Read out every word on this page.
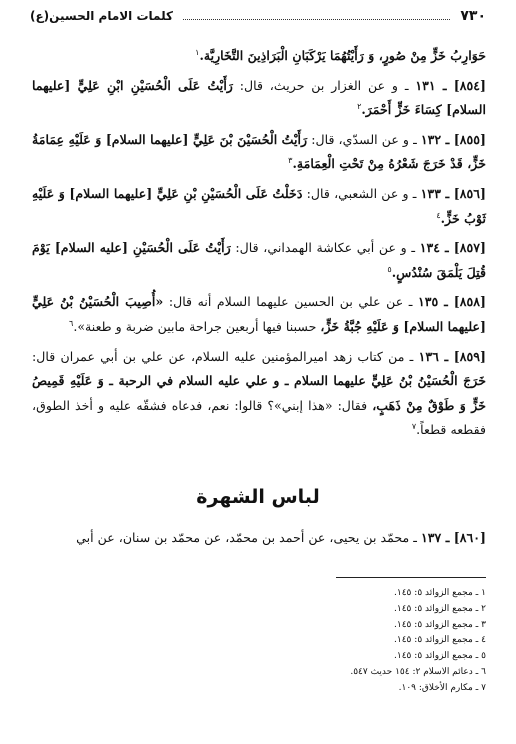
٧٣٠
كلمات الامام الحسين(ع)

حَوَارِبُ خَزٍّ مِنْ صُورٍ، وَ رَأَيْتُهُمَا يَرْكَبَانِ الْبَرَاذِينَ التَّخَارِيَّة.$^١$

[٨٥٤] ـ ١٣١ ـ و عن الغزار بن حريث، قال: رَأَيْتُ عَلَى الْحُسَيْنِ ابْنِ عَلِيٍّ [عليهما السلام] كِسَاءَ خَزٍّ أَحْمَرَ.$^٢$

[٨٥٥] ـ ١٣٢ ـ و عن السدّي، قال: رَأَيْتُ الْحُسَيْنَ بْنَ عَلِيٍّ [عليهما السلام] وَ عَلَيْهِ عِمَامَةُ خَزٍّ، قَدْ خَرَجَ شَعْرُهُ مِنْ تَحْتِ الْعِمَامَةِ.$^٣$

[٨٥٦] ـ ١٣٣ ـ و عن الشعبي، قال: دَخَلْتُ عَلَى الْحُسَيْنِ بْنِ عَلِيٍّ [عليهما السلام] وَ عَلَيْهِ ثَوْبُ خَزٍّ.$^٤$

[٨٥٧] ـ ١٣٤ ـ و عن أبي عكاشة الهمداني، قال: رَأَيْتُ عَلَى الْحُسَيْنِ [عليه السلام] يَوْمَ قُتِلَ يَلْمَقَ سُنْدُسٍ.$^٥$

[٨٥٨] ـ ١٣٥ ـ عن علي بن الحسين عليهما السلام أنه قال: «أُصِيبَ الْحُسَيْنُ بْنُ عَلِيٍّ [عليهما السلام] وَ عَلَيْهِ جُبَّةُ خَزٍّ، حسبنا فيها أربعين جراحة مابين ضربة و طعنة».$^٦$

[٨٥٩] ـ ١٣٦ ـ من كتاب زهد اميرالمؤمنين عليه السلام، عن علي بن أبي عمران قال: خَرَجَ الْحُسَيْنُ بْنُ عَلِيٍّ عليهما السلام ـ و علي عليه السلام في الرحبة ـ وَ عَلَيْهِ قَمِيصُ خَزٍّ وَ طَوْقٌ مِنْ ذَهَبٍ، فقال: «هذا إبني»؟ قالوا: نعم، فدعاه فشقّه عليه و أخذ الطوق، فقطعه قطعاً.$^٧$

لباس الشهرة
[٨٦٠] ـ ١٣٧ ـ محمّد بن يحيى، عن أحمد بن محمّد، عن محمّد بن سنان، عن أبي
١ ـ مجمع الزوائد ٥: ١٤٥.
٢ ـ مجمع الزوائد ٥: ١٤٥.
٣ ـ مجمع الزوائد ٥: ١٤٥.
٤ ـ مجمع الزوائد ٥: ١٤٥.
٥ ـ مجمع الزوائد ٥: ١٤٥.
٦ ـ دعائم الاسلام ٢: ١٥٤ حديث ٥٤٧.
٧ ـ مكارم الأخلاق: ١٠٩.
